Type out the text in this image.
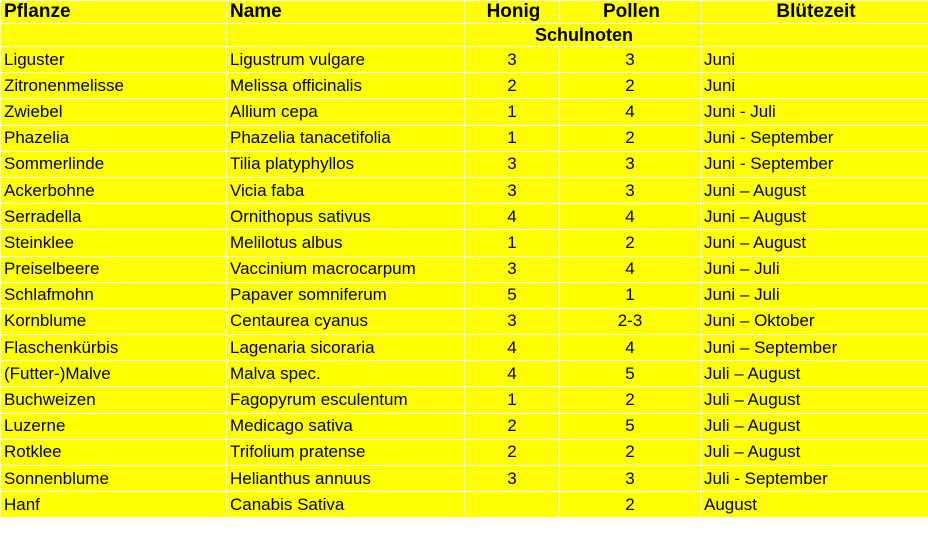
Pflanze	Name	Honig	Pollen	Blütezeit
		Schulnoten		
Liguster	Ligustrum vulgare	3	3	Juni
Zitronenmelisse	Melissa officinalis	2	2	Juni
Zwiebel	Allium cepa	1	4	Juni - Juli
Phazelia	Phazelia tanacetifolia	1	2	Juni - September
Sommerlinde	Tilia platyphyllos	3	3	Juni - September
Ackerbohne	Vicia faba	3	3	Juni – August
Serradella	Ornithopus sativus	4	4	Juni – August
Steinklee	Melilotus albus	1	2	Juni – August
Preiselbeere	Vaccinium macrocarpum	3	4	Juni – Juli
Schlafmohn	Papaver somniferum	5	1	Juni – Juli
Kornblume	Centaurea cyanus	3	2-3	Juni – Oktober
Flaschenkürbis	Lagenaria sicoraria	4	4	Juni – September
(Futter-)Malve	Malva spec.	4	5	Juli – August
Buchweizen	Fagopyrum esculentum	1	2	Juli – August
Luzerne	Medicago sativa	2	5	Juli – August
Rotklee	Trifolium pratense	2	2	Juli – August
Sonnenblume	Helianthus annuus	3	3	Juli - September
Hanf	Canabis Sativa		2	August
